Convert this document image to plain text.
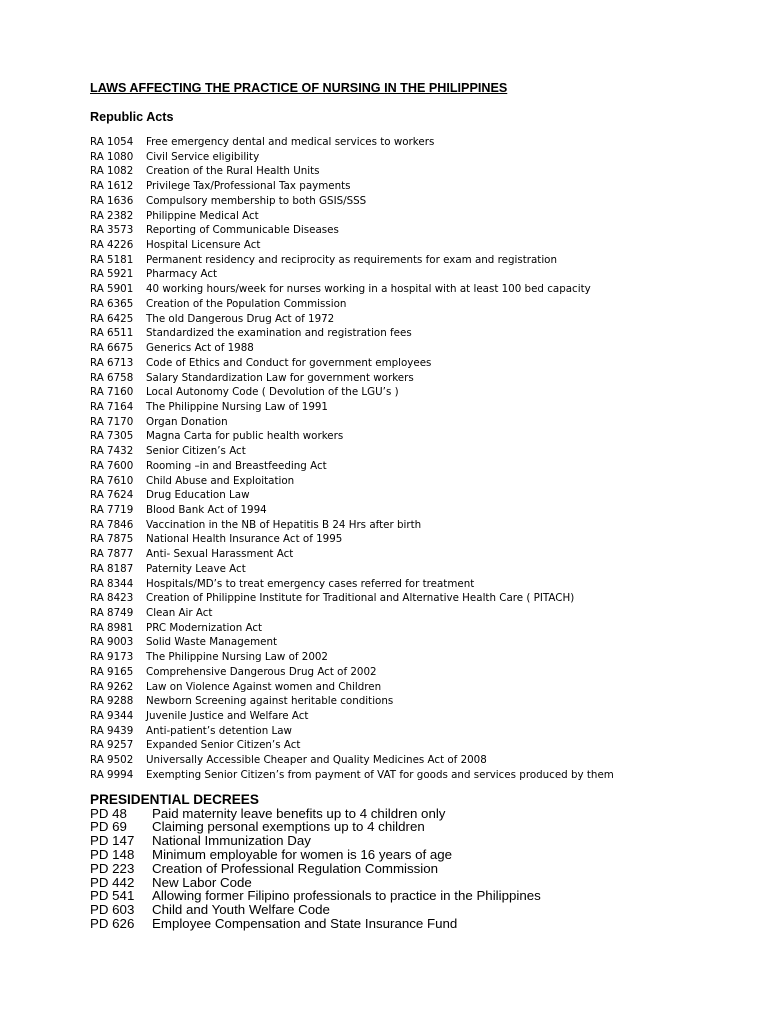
LAWS AFFECTING THE PRACTICE OF NURSING IN THE PHILIPPINES
Republic Acts
RA 1054	Free emergency dental and medical services to workers
RA 1080	Civil Service eligibility
RA 1082	Creation of the Rural Health Units
RA 1612	Privilege Tax/Professional Tax payments
RA 1636	Compulsory membership to both GSIS/SSS
RA 2382	Philippine Medical Act
RA 3573	Reporting of Communicable Diseases
RA 4226	Hospital Licensure Act
RA 5181	Permanent residency and reciprocity as requirements for exam and registration
RA 5921	Pharmacy Act
RA 5901	40 working hours/week for nurses working in a hospital with at least 100 bed capacity
RA 6365	Creation of the Population Commission
RA 6425	The old Dangerous Drug Act of 1972
RA 6511	Standardized the examination and registration fees
RA 6675	Generics Act of 1988
RA 6713	Code of Ethics and Conduct for government employees
RA 6758	Salary Standardization Law for government workers
RA 7160	Local Autonomy Code ( Devolution of the LGU’s )
RA 7164	The Philippine Nursing Law of 1991
RA 7170	Organ Donation
RA 7305	Magna Carta for public health workers
RA 7432	Senior Citizen’s Act
RA 7600	Rooming –in and Breastfeeding Act
RA 7610	Child Abuse and Exploitation
RA 7624	Drug Education Law
RA 7719	Blood Bank Act of 1994
RA 7846	Vaccination in the NB of Hepatitis B 24 Hrs after birth
RA 7875	National Health Insurance Act of 1995
RA 7877	Anti- Sexual Harassment Act
RA 8187	Paternity Leave Act
RA 8344	Hospitals/MD’s to treat emergency cases referred for treatment
RA 8423	Creation of Philippine Institute for Traditional and Alternative Health Care ( PITACH)
RA 8749	Clean Air Act
RA 8981	PRC Modernization Act
RA 9003	Solid Waste Management
RA 9173	The Philippine Nursing Law of 2002
RA 9165	Comprehensive Dangerous Drug Act of 2002
RA 9262	Law on Violence Against women and Children
RA 9288	Newborn Screening against heritable conditions
RA 9344	Juvenile Justice and Welfare Act
RA 9439	Anti-patient’s detention Law
RA 9257	Expanded Senior Citizen’s Act
RA 9502	Universally Accessible Cheaper and Quality Medicines Act of 2008
RA 9994	Exempting Senior Citizen’s from payment of VAT for goods and services produced by them
PRESIDENTIAL DECREES
PD 48	Paid maternity leave benefits up to 4 children only
PD 69	Claiming personal exemptions up to 4 children
PD 147	National Immunization Day
PD 148	Minimum employable for women is 16 years of age
PD 223	Creation of Professional Regulation Commission
PD 442	New Labor Code
PD 541	Allowing former Filipino professionals to practice in the Philippines
PD 603	Child and Youth Welfare Code
PD 626	Employee Compensation and State Insurance Fund
